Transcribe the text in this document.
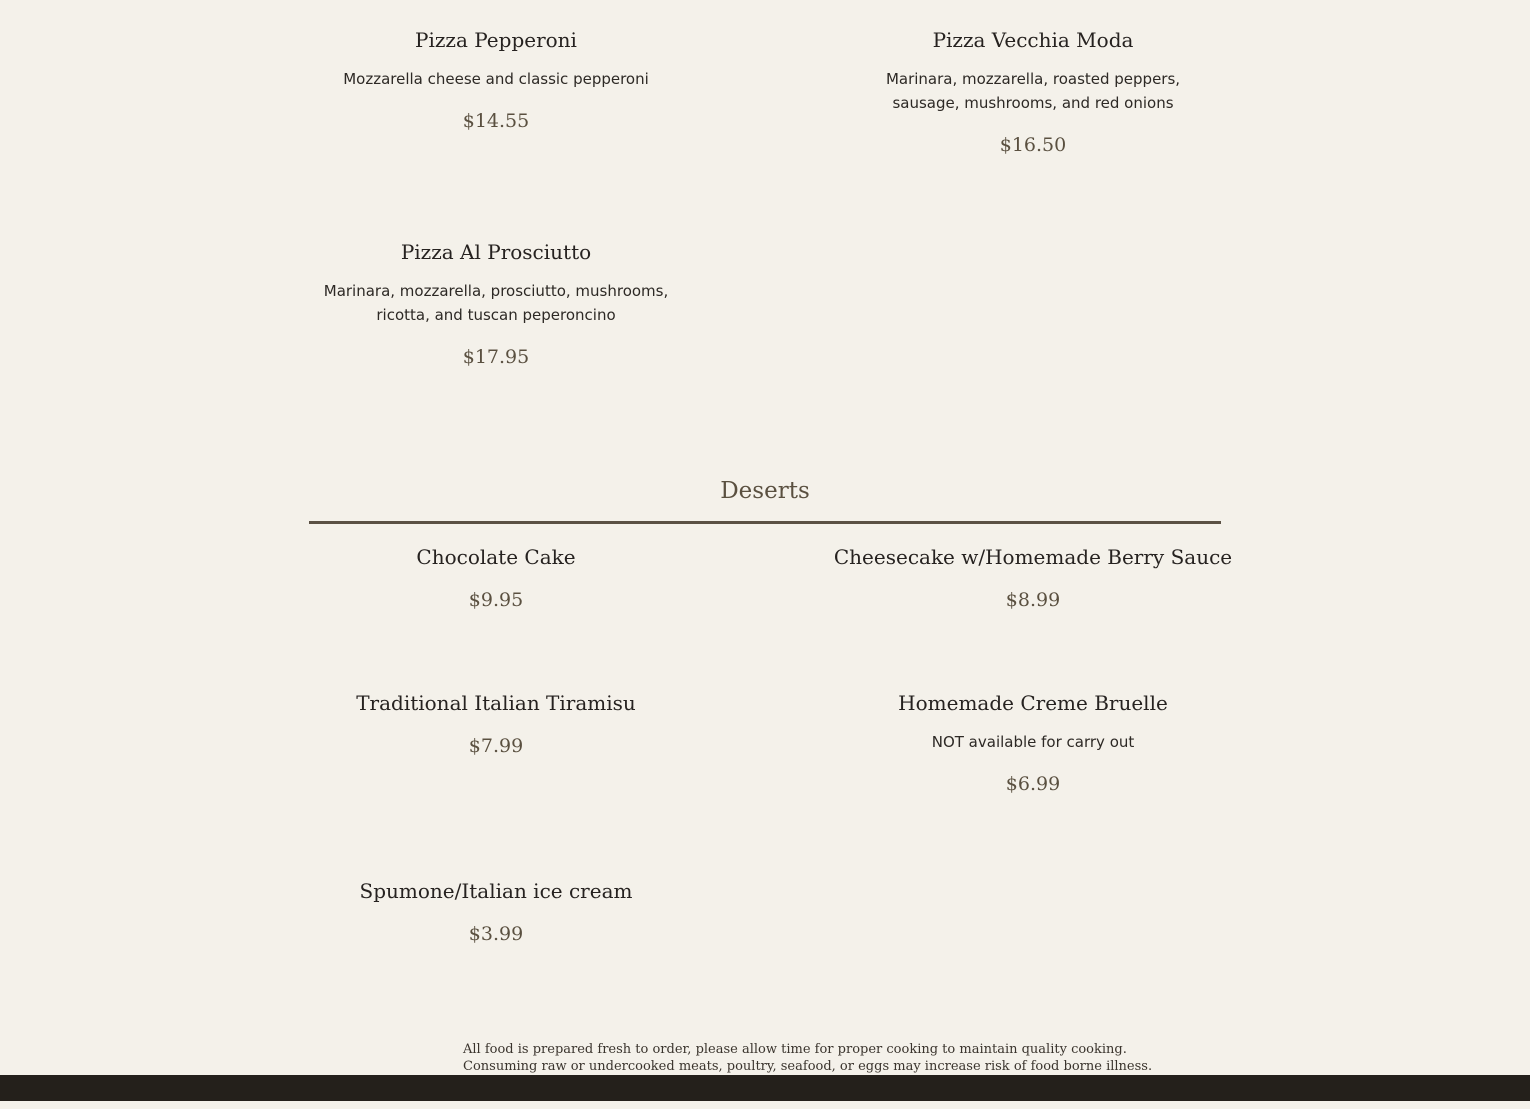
Pizza Pepperoni
Mozzarella cheese and classic pepperoni
$14.55
Pizza Vecchia Moda
Marinara, mozzarella, roasted peppers, sausage, mushrooms, and red onions
$16.50
Pizza Al Prosciutto
Marinara, mozzarella, prosciutto, mushrooms, ricotta, and tuscan peperoncino
$17.95
Deserts
Chocolate Cake
$9.95
Cheesecake w/Homemade Berry Sauce
$8.99
Traditional Italian Tiramisu
$7.99
Homemade Creme Bruelle
NOT available for carry out
$6.99
Spumone/Italian ice cream
$3.99
All food is prepared fresh to order, please allow time for proper cooking to maintain quality cooking.
Consuming raw or undercooked meats, poultry, seafood, or eggs may increase risk of food borne illness.
